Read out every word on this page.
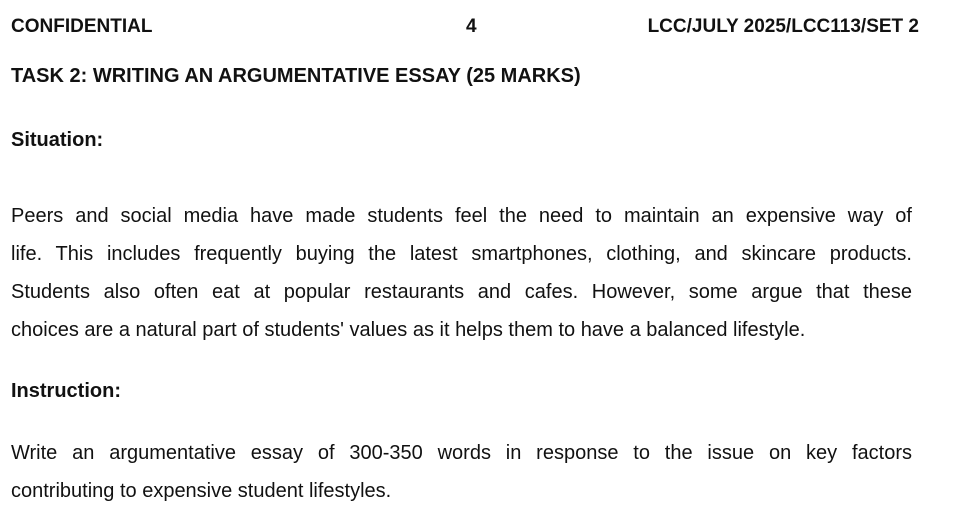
CONFIDENTIAL	4	LCC/JULY 2025/LCC113/SET 2
TASK 2: WRITING AN ARGUMENTATIVE ESSAY (25 MARKS)
Situation:
Peers and social media have made students feel the need to maintain an expensive way of
life. This includes frequently buying the latest smartphones, clothing, and skincare products.
Students also often eat at popular restaurants and cafes. However, some argue that these
choices are a natural part of students' values as it helps them to have a balanced lifestyle.
Instruction:
Write an argumentative essay of 300-350 words in response to the issue on key factors
contributing to expensive student lifestyles.
